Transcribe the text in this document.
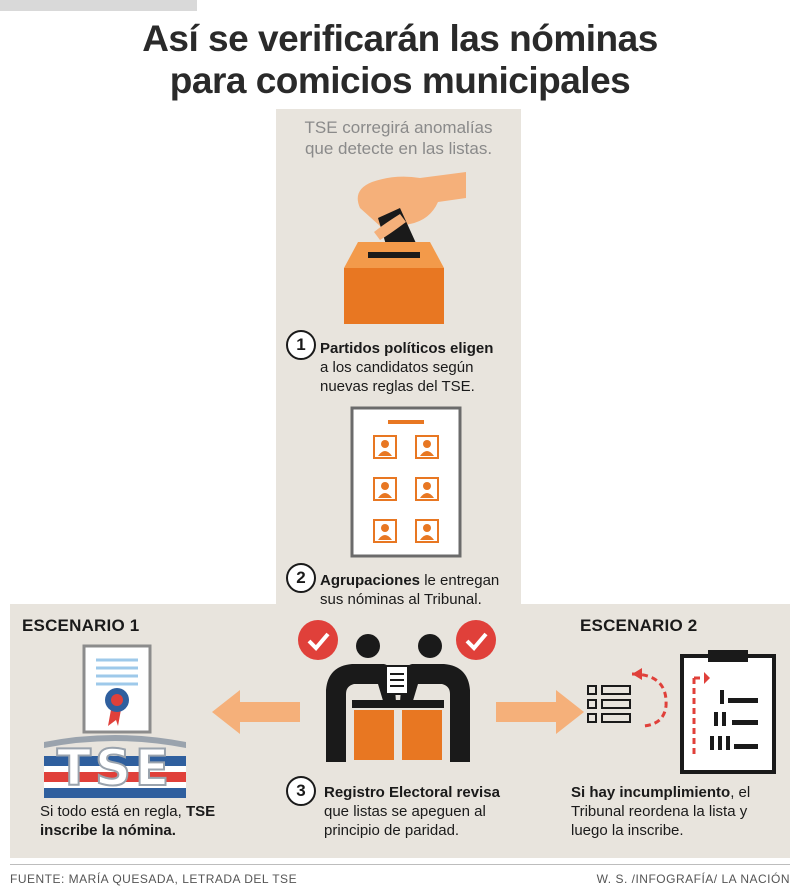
Así se verificarán las nóminas
para comicios municipales
TSE corregirá anomalías
que detecte en las listas.
1 Partidos políticos eligen
a los candidatos según
nuevas reglas del TSE.
2 Agrupaciones le entregan
sus nóminas al Tribunal.
ESCENARIO 1	ESCENARIO 2
TSE	3	Registro Electoral revisa
que listas se apeguen al
principio de paridad.
Si todo está en regla, TSE
inscribe la nómina.
Si hay incumplimiento, el
Tribunal reordena la lista y
luego la inscribe.
FUENTE: MARÍA QUESADA, LETRADA DEL TSE	W. S. /INFOGRAFÍA/ LA NACIÓN
